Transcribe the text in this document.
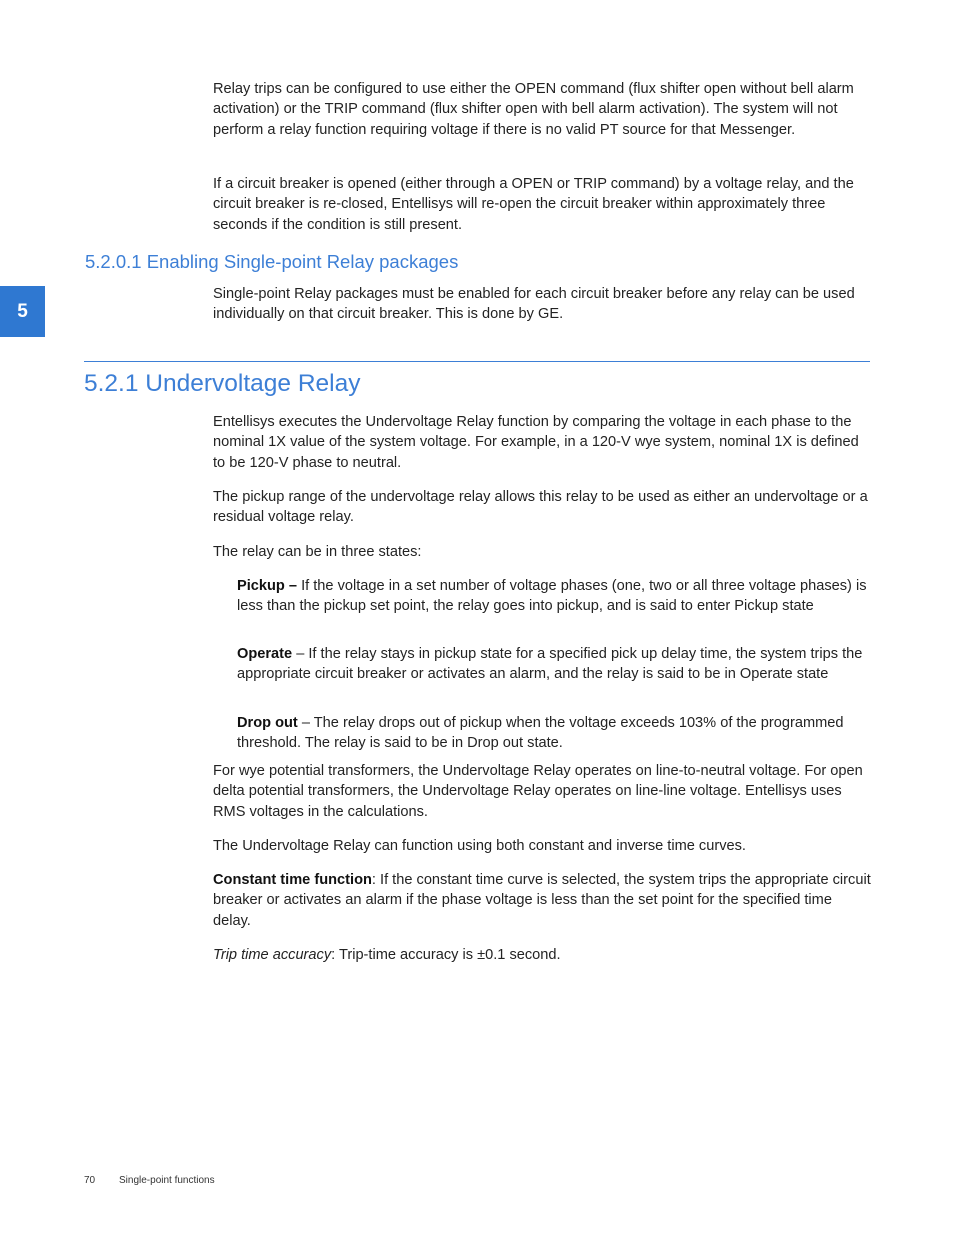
5

Relay trips can be configured to use either the OPEN command (flux shifter open without bell alarm activation) or the TRIP command (flux shifter open with bell alarm activation). The system will not perform a relay function requiring voltage if there is no valid PT source for that Messenger.

If a circuit breaker is opened (either through a OPEN or TRIP command) by a voltage relay, and the circuit breaker is re-closed, Entellisys will re-open the circuit breaker within approximately three seconds if the condition is still present.

5.2.0.1 Enabling Single-point Relay packages

Single-point Relay packages must be enabled for each circuit breaker before any relay can be used individually on that circuit breaker. This is done by GE.

5.2.1 Undervoltage Relay

Entellisys executes the Undervoltage Relay function by comparing the voltage in each phase to the nominal 1X value of the system voltage. For example, in a 120-V wye system, nominal 1X is defined to be 120-V phase to neutral.

The pickup range of the undervoltage relay allows this relay to be used as either an undervoltage or a residual voltage relay.

The relay can be in three states:

Pickup – If the voltage in a set number of voltage phases (one, two or all three voltage phases) is less than the pickup set point, the relay goes into pickup, and is said to enter Pickup state

Operate – If the relay stays in pickup state for a specified pick up delay time, the system trips the appropriate circuit breaker or activates an alarm, and the relay is said to be in Operate state

Drop out – The relay drops out of pickup when the voltage exceeds 103% of the programmed threshold. The relay is said to be in Drop out state.

For wye potential transformers, the Undervoltage Relay operates on line-to-neutral voltage. For open delta potential transformers, the Undervoltage Relay operates on line-line voltage. Entellisys uses RMS voltages in the calculations.

The Undervoltage Relay can function using both constant and inverse time curves.

Constant time function: If the constant time curve is selected, the system trips the appropriate circuit breaker or activates an alarm if the phase voltage is less than the set point for the specified time delay.

Trip time accuracy: Trip-time accuracy is ±0.1 second.

70 Single-point functions
